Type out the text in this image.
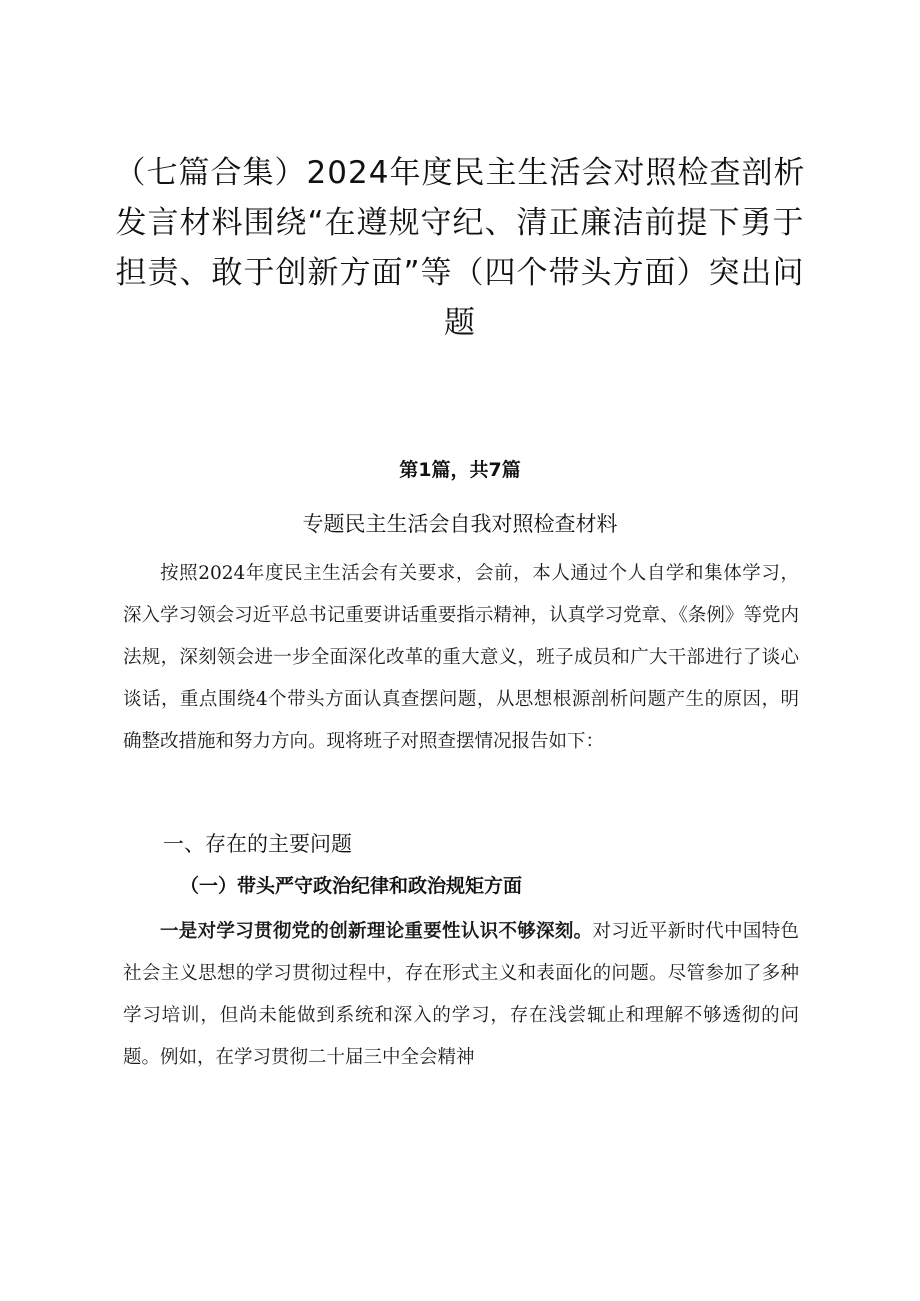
（七篇合集）2024年度民主生活会对照检查剖析发言材料围绕“在遵规守纪、清正廉洁前提下勇于担责、敢于创新方面”等（四个带头方面）突出问题
第1篇，共7篇
专题民主生活会自我对照检查材料

按照2024年度民主生活会有关要求，会前，本人通过个人自学和集体学习，深入学习领会习近平总书记重要讲话重要指示精神，认真学习党章、《条例》等党内法规，深刻领会进一步全面深化改革的重大意义，班子成员和广大干部进行了谈心谈话，重点围绕4个带头方面认真查摆问题，从思想根源剖析问题产生的原因，明确整改措施和努力方向。现将班子对照查摆情况报告如下：

一、存在的主要问题
（一）带头严守政治纪律和政治规矩方面

一是对学习贯彻党的创新理论重要性认识不够深刻。对习近平新时代中国特色社会主义思想的学习贯彻过程中，存在形式主义和表面化的问题。尽管参加了多种学习培训，但尚未能做到系统和深入的学习，存在浅尝辄止和理解不够透彻的问题。例如，在学习贯彻二十届三中全会精神
